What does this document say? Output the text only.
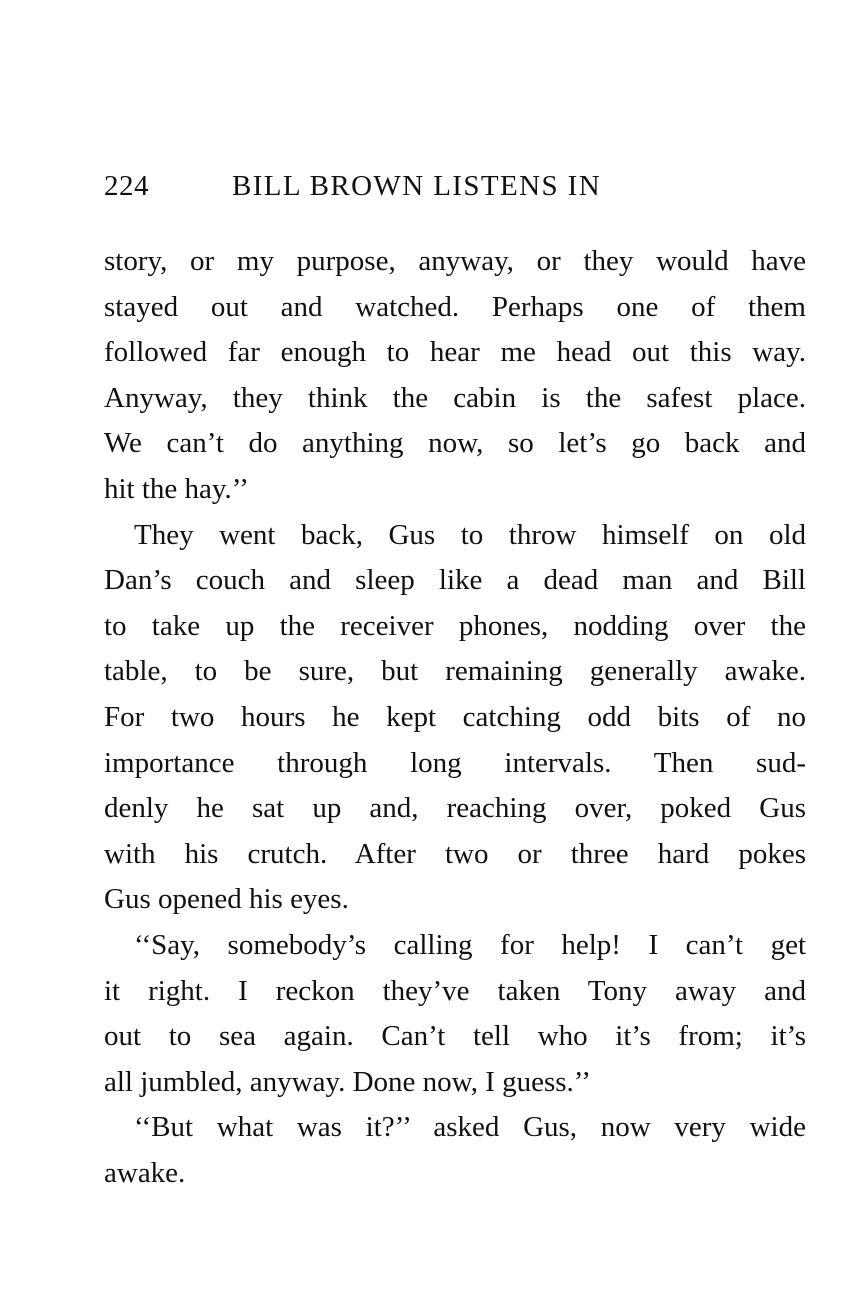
224	BILL BROWN LISTENS IN
story, or my purpose, anyway, or they would have
stayed out and watched. Perhaps one of them
followed far enough to hear me head out this way.
Anyway, they think the cabin is the safest place.
We can’t do anything now, so let’s go back and
hit the hay.’’
They went back, Gus to throw himself on old
Dan’s couch and sleep like a dead man and Bill
to take up the receiver phones, nodding over the
table, to be sure, but remaining generally awake.
For two hours he kept catching odd bits of no
importance through long intervals. Then sud-
denly he sat up and, reaching over, poked Gus
with his crutch. After two or three hard pokes
Gus opened his eyes.
‘‘Say, somebody’s calling for help! I can’t get
it right. I reckon they’ve taken Tony away and
out to sea again. Can’t tell who it’s from; it’s
all jumbled, anyway. Done now, I guess.’’
‘‘But what was it?’’ asked Gus, now very wide
awake.
